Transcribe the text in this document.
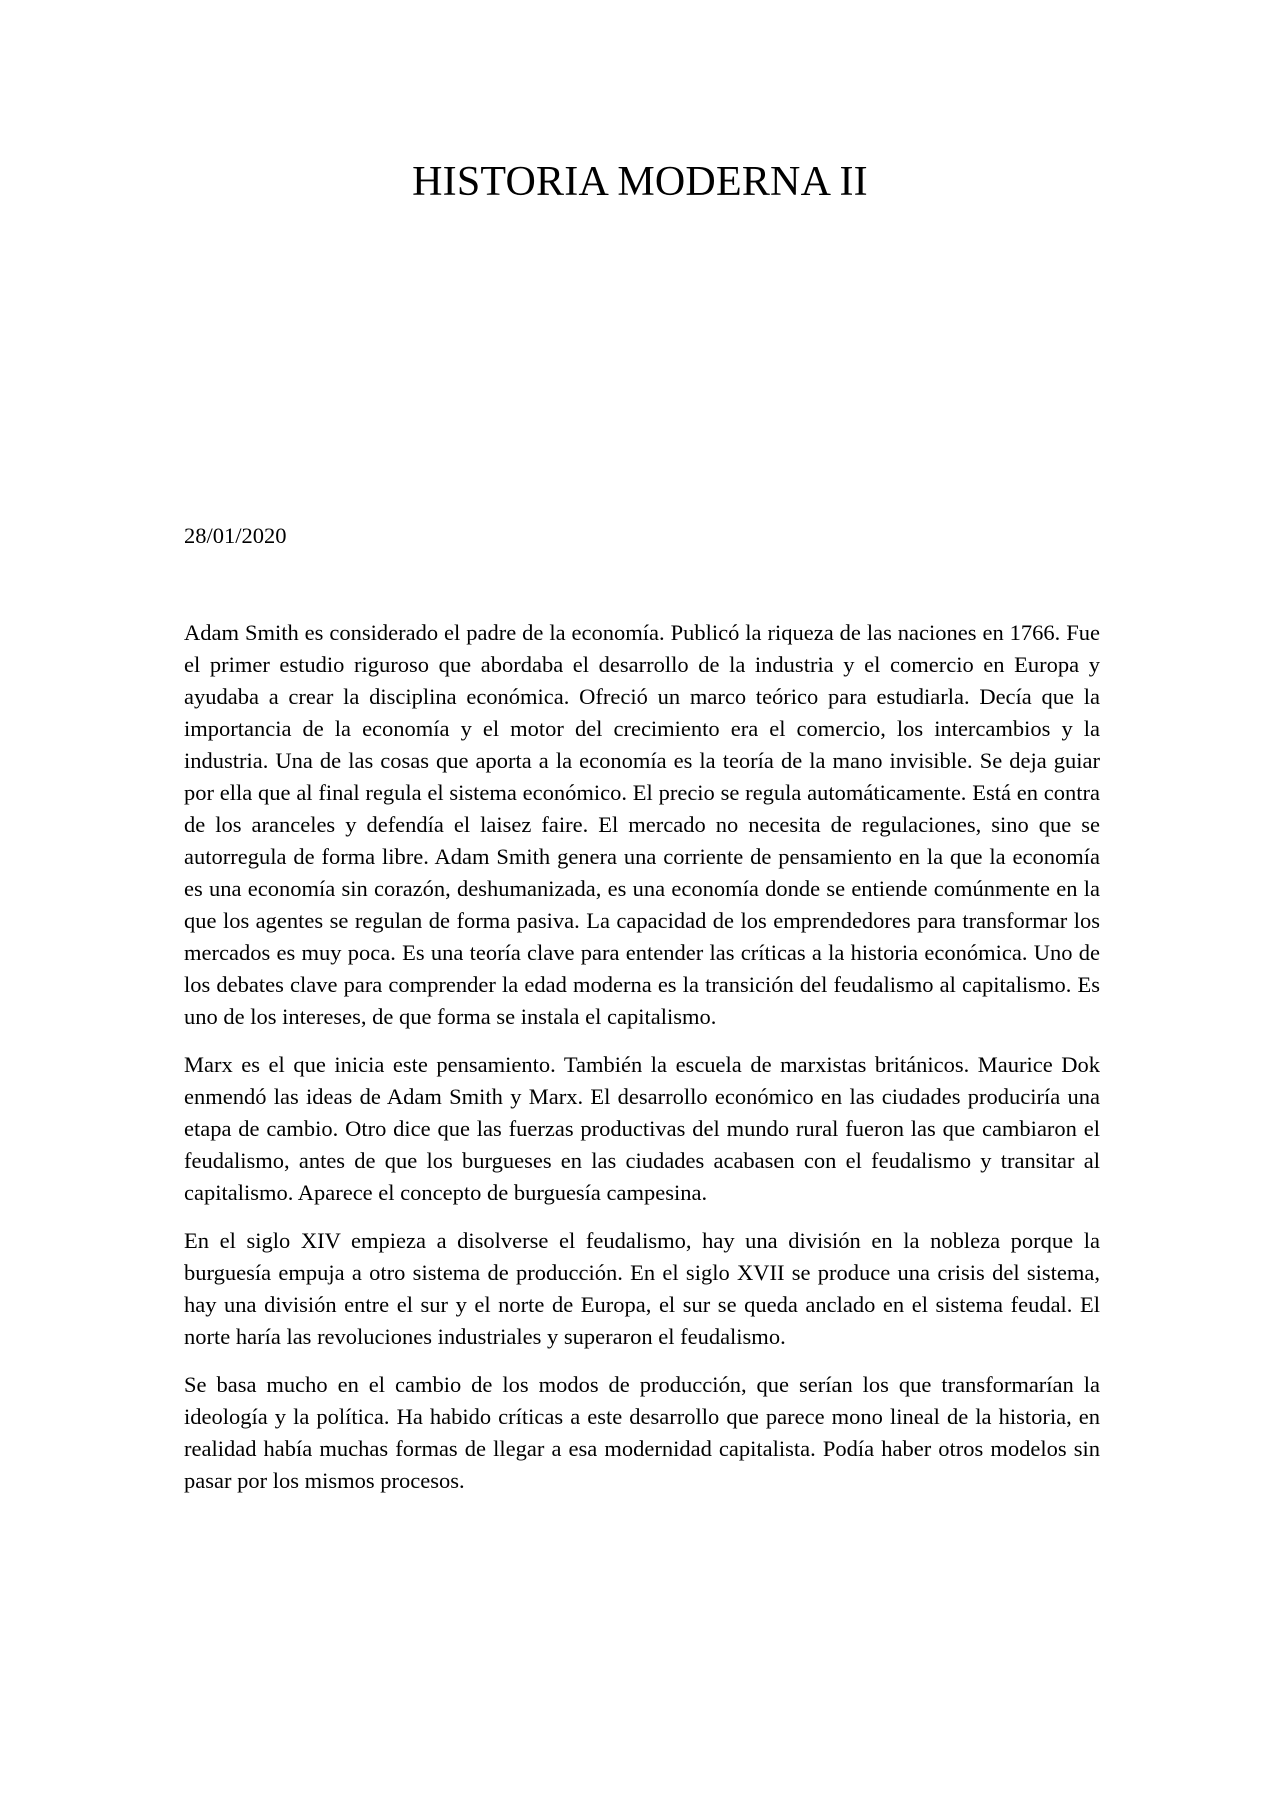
HISTORIA MODERNA II

28/01/2020

Adam Smith es considerado el padre de la economía. Publicó la riqueza de las naciones en 1766. Fue el primer estudio riguroso que abordaba el desarrollo de la industria y el comercio en Europa y ayudaba a crear la disciplina económica. Ofreció un marco teórico para estudiarla. Decía que la importancia de la economía y el motor del crecimiento era el comercio, los intercambios y la industria. Una de las cosas que aporta a la economía es la teoría de la mano invisible. Se deja guiar por ella que al final regula el sistema económico. El precio se regula automáticamente. Está en contra de los aranceles y defendía el laisez faire. El mercado no necesita de regulaciones, sino que se autorregula de forma libre. Adam Smith genera una corriente de pensamiento en la que la economía es una economía sin corazón, deshumanizada, es una economía donde se entiende comúnmente en la que los agentes se regulan de forma pasiva. La capacidad de los emprendedores para transformar los mercados es muy poca. Es una teoría clave para entender las críticas a la historia económica. Uno de los debates clave para comprender la edad moderna es la transición del feudalismo al capitalismo. Es uno de los intereses, de que forma se instala el capitalismo.

Marx es el que inicia este pensamiento. También la escuela de marxistas británicos. Maurice Dok enmendó las ideas de Adam Smith y Marx. El desarrollo económico en las ciudades produciría una etapa de cambio. Otro dice que las fuerzas productivas del mundo rural fueron las que cambiaron el feudalismo, antes de que los burgueses en las ciudades acabasen con el feudalismo y transitar al capitalismo. Aparece el concepto de burguesía campesina.

En el siglo XIV empieza a disolverse el feudalismo, hay una división en la nobleza porque la burguesía empuja a otro sistema de producción. En el siglo XVII se produce una crisis del sistema, hay una división entre el sur y el norte de Europa, el sur se queda anclado en el sistema feudal. El norte haría las revoluciones industriales y superaron el feudalismo.

Se basa mucho en el cambio de los modos de producción, que serían los que transformarían la ideología y la política. Ha habido críticas a este desarrollo que parece mono lineal de la historia, en realidad había muchas formas de llegar a esa modernidad capitalista. Podía haber otros modelos sin pasar por los mismos procesos.
